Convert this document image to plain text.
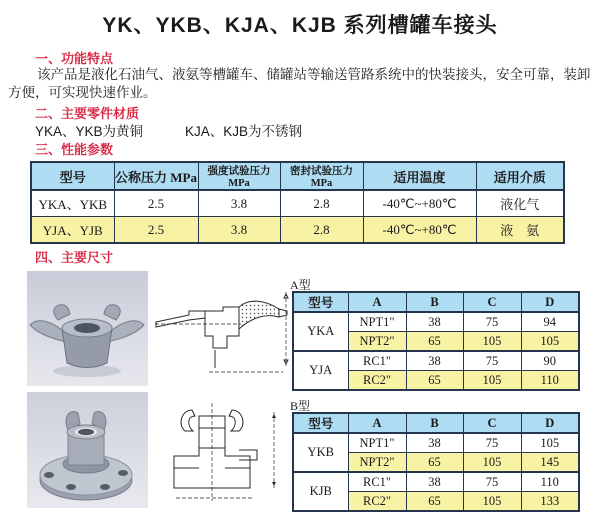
YK、YKB、KJA、KJB 系列槽罐车接头
一、功能特点
该产品是液化石油气、液氨等槽罐车、储罐站等输送管路系统中的快装接头，安全可靠，装卸方便，可实现快速作业。
二、主要零件材质
YKA、YKB为黄铜	KJA、KJB为不锈钢
三、性能参数
型号	公称压力 MPa	强度试验压力MPa	密封试验压力MPa	适用温度	适用介质
YKA、YKB	2.5	3.8	2.8	-40℃~+80℃	液化气
YJA、YJB	2.5	3.8	2.8	-40℃~+80℃	液　氨
四、主要尺寸
A型
型号	A	B	C	D
YKA	NPT1"	38	75	94
	NPT2"	65	105	105
YJA	RC1"	38	75	90
	RC2"	65	105	110
B型
型号	A	B	C	D
YKB	NPT1"	38	75	105
	NPT2"	65	105	145
KJB	RC1"	38	75	110
	RC2"	65	105	133
